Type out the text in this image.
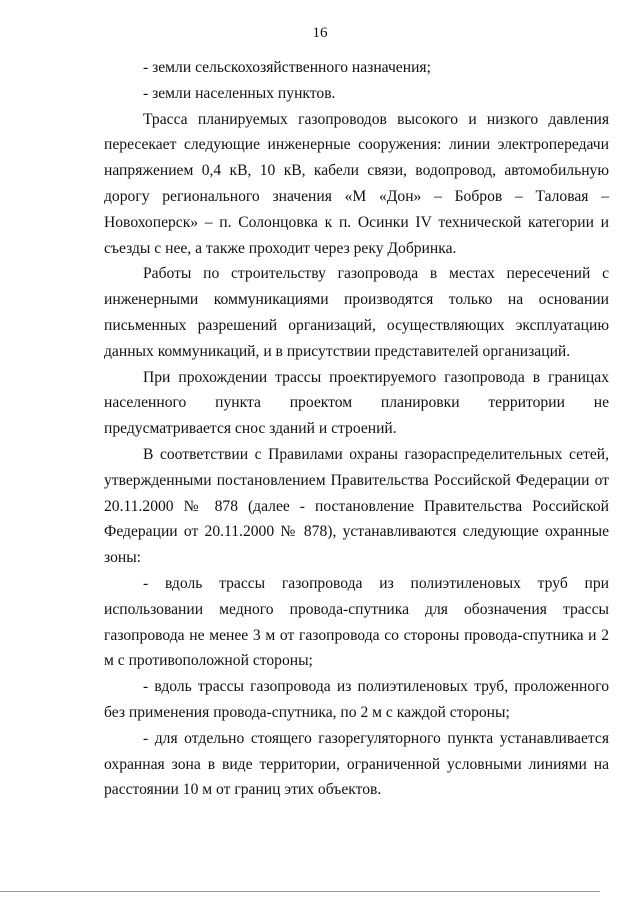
16

- земли сельскохозяйственного назначения;

- земли населенных пунктов.

Трасса планируемых газопроводов высокого и низкого давления пересекает следующие инженерные сооружения: линии электропередачи напряжением 0,4 кВ, 10 кВ, кабели связи, водопровод, автомобильную дорогу регионального значения «М «Дон» – Бобров – Таловая – Новохоперск» – п. Солонцовка к п. Осинки IV технической категории и съезды с нее, а также проходит через реку Добринка.

Работы по строительству газопровода в местах пересечений с инженерными коммуникациями производятся только на основании письменных разрешений организаций, осуществляющих эксплуатацию данных коммуникаций, и в присутствии представителей организаций.

При прохождении трассы проектируемого газопровода в границах населенного пункта проектом планировки территории не предусматривается снос зданий и строений.

В соответствии с Правилами охраны газораспределительных сетей, утвержденными постановлением Правительства Российской Федерации от 20.11.2000 № 878 (далее - постановление Правительства Российской Федерации от 20.11.2000 № 878), устанавливаются следующие охранные зоны:

- вдоль трассы газопровода из полиэтиленовых труб при использовании медного провода-спутника для обозначения трассы газопровода не менее 3 м от газопровода со стороны провода-спутника и 2 м с противоположной стороны;

- вдоль трассы газопровода из полиэтиленовых труб, проложенного без применения провода-спутника, по 2 м с каждой стороны;

- для отдельно стоящего газорегуляторного пункта устанавливается охранная зона в виде территории, ограниченной условными линиями на расстоянии 10 м от границ этих объектов.
